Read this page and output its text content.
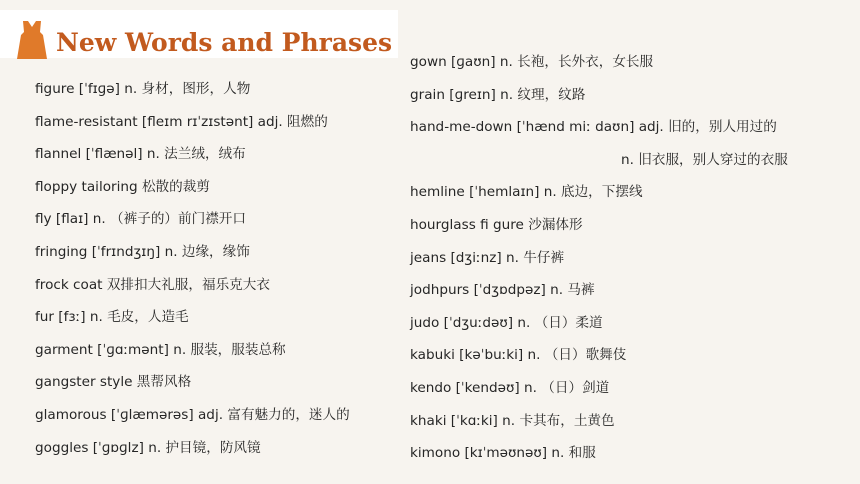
New Words and Phrases
figure [ˈfɪɡə] n. 身材，图形，人物
flame-resistant [fleɪm rɪˈzɪstənt] adj. 阻燃的
flannel [ˈflænəl] n. 法兰绒，绒布
floppy tailoring 松散的裁剪
fly [flaɪ] n. （裤子的）前门襟开口
fringing [ˈfrɪndʒɪŋ] n. 边缘，缘饰
frock coat 双排扣大礼服，福乐克大衣
fur [fɜː] n. 毛皮，人造毛
garment [ˈɡɑːmənt] n. 服装，服装总称
gangster style 黑帮风格
glamorous [ˈɡlæmərəs] adj. 富有魅力的，迷人的
goggles [ˈɡɒɡlz] n. 护目镜，防风镜
gown [ɡaʊn] n. 长袍，长外衣，女长服
grain [ɡreɪn] n. 纹理，纹路
hand-me-down [ˈhænd miː daʊn] adj. 旧的，别人用过的
n. 旧衣服，别人穿过的衣服
hemline [ˈhemlaɪn] n. 底边，下摆线
hourglass fi gure 沙漏体形
jeans [dʒiːnz] n. 牛仔裤
jodhpurs [ˈdʒɒdpəz] n. 马裤
judo [ˈdʒuːdəʊ] n. （日）柔道
kabuki [kəˈbuːki] n. （日）歌舞伎
kendo [ˈkendəʊ] n. （日）剑道
khaki [ˈkɑːki] n. 卡其布，土黄色
kimono [kɪˈməʊnəʊ] n. 和服
